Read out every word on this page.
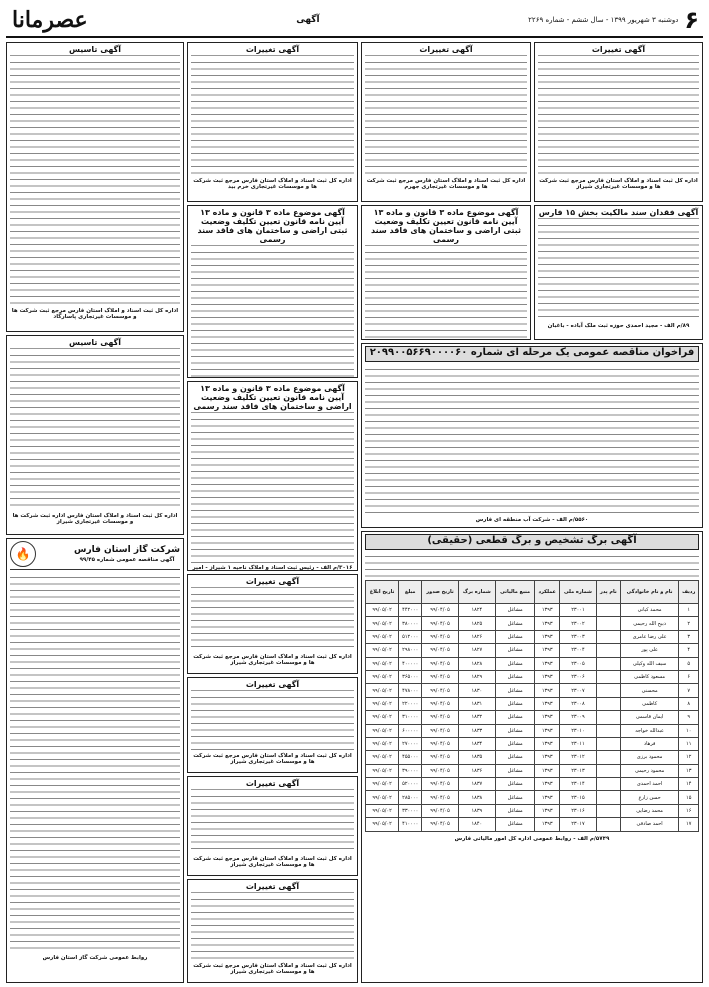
عصرمانا	آگهی	دوشنبه ۳ شهریور ۱۳۹۹ - سال ششم - شماره ۲۲۶۹ ۶
آگهی تغییرات
اداره کل ثبت اسناد و املاک استان فارس مرجع ثبت شرکت ها و موسسات غیرتجاری شیراز
آگهی تغییرات
اداره کل ثبت اسناد و املاک استان فارس مرجع ثبت شرکت ها و موسسات غیرتجاری جهرم
آگهی تغییرات
اداره کل ثبت اسناد و املاک استان فارس مرجع ثبت شرکت ها و موسسات غیرتجاری خرم بید
آگهی تاسیس
اداره کل ثبت اسناد و املاک استان فارس مرجع ثبت شرکت ها و موسسات غیرتجاری پاسارگاد
آگهی فقدان سند مالکیت بخش ۱۵ فارس
۸۹/م الف - مجید احمدی حوزه ثبت ملک آباده - باغبان
آگهی موضوع ماده ۳ قانون و ماده ۱۳ آیین نامه قانون تعیین تکلیف وضعیت ثبتی اراضی و ساختمان های فاقد سند رسمی
آگهی موضوع ماده ۳ قانون و ماده ۱۳ آیین نامه قانون تعیین تکلیف وضعیت ثبتی اراضی و ساختمان های فاقد سند رسمی
فراخوان مناقصه عمومی یک مرحله ای شماره ۲۰۹۹۰۰۵۶۶۹۰۰۰۰۶۰
۵۵۶۰/م الف - شرکت آب منطقه ای فارس
آگهی تاسیس
اداره کل ثبت اسناد و املاک استان فارس اداره ثبت شرکت ها و موسسات غیرتجاری شیراز
آگهی موضوع ماده ۳ قانون و ماده ۱۳ آیین نامه قانون تعیین تکلیف وضعیت اراضی و ساختمان های فاقد سند رسمی
۳۰۱۶/م الف - رئیس ثبت اسناد و املاک ناحیه ۱ شیراز - امیر
شرکت گاز استان فارس
آگهی مناقصه عمومی شماره ۹۹/۴۵
🔥
روابط عمومی شرکت گاز استان فارس
آگهی تغییرات
اداره کل ثبت اسناد و املاک استان فارس مرجع ثبت شرکت ها و موسسات غیرتجاری شیراز
آگهی تغییرات
اداره کل ثبت اسناد و املاک استان فارس مرجع ثبت شرکت ها و موسسات غیرتجاری شیراز
آگهی تغییرات
اداره کل ثبت اسناد و املاک استان فارس مرجع ثبت شرکت ها و موسسات غیرتجاری شیراز
آگهی تغییرات
اداره کل ثبت اسناد و املاک استان فارس مرجع ثبت شرکت ها و موسسات غیرتجاری شیراز
آگهی برگ تشخیص و برگ قطعی (حقیقی)
ردیف	نام و نام خانوادگی	نام پدر	شماره ملی	عملکرد	منبع مالیاتی	شماره برگ	تاریخ صدور	مبلغ	تاریخ ابلاغ
۱	محمد کیانی		۲۳۰۰۱	۱۳۹۳	مشاغل	۱۸۲۴	۹۹/۰۴/۰۵	۴۴۲۰۰۰	۹۹/۰۵/۰۲
۲	ذبیح الله رحیمی		۲۳۰۰۲	۱۳۹۳	مشاغل	۱۸۲۵	۹۹/۰۴/۰۵	۳۸۰۰۰۰	۹۹/۰۵/۰۲
۳	علی رضا عامری		۲۳۰۰۳	۱۳۹۳	مشاغل	۱۸۲۶	۹۹/۰۴/۰۵	۵۱۲۰۰۰	۹۹/۰۵/۰۲
۴	علی پور		۲۳۰۰۴	۱۳۹۳	مشاغل	۱۸۲۷	۹۹/۰۴/۰۵	۲۹۸۰۰۰	۹۹/۰۵/۰۲
۵	سیف الله وکیلی		۲۳۰۰۵	۱۳۹۳	مشاغل	۱۸۲۸	۹۹/۰۴/۰۵	۴۰۰۰۰۰	۹۹/۰۵/۰۲
۶	مسعود کاظمی		۲۳۰۰۶	۱۳۹۳	مشاغل	۱۸۲۹	۹۹/۰۴/۰۵	۳۶۵۰۰۰	۹۹/۰۵/۰۲
۷	محسنی		۲۳۰۰۷	۱۳۹۳	مشاغل	۱۸۳۰	۹۹/۰۴/۰۵	۴۷۸۰۰۰	۹۹/۰۵/۰۲
۸	کاظمی		۲۳۰۰۸	۱۳۹۳	مشاغل	۱۸۳۱	۹۹/۰۴/۰۵	۲۲۰۰۰۰	۹۹/۰۵/۰۲
۹	ایمان قاسمی		۲۳۰۰۹	۱۳۹۳	مشاغل	۱۸۳۲	۹۹/۰۴/۰۵	۳۱۰۰۰۰	۹۹/۰۵/۰۲
۱۰	عبدالله خواجه		۲۳۰۱۰	۱۳۹۳	مشاغل	۱۸۳۳	۹۹/۰۴/۰۵	۶۰۰۰۰۰	۹۹/۰۵/۰۲
۱۱	فرهاد		۲۳۰۱۱	۱۳۹۳	مشاغل	۱۸۳۴	۹۹/۰۴/۰۵	۲۷۰۰۰۰	۹۹/۰۵/۰۲
۱۲	محمود برزی		۲۳۰۱۲	۱۳۹۳	مشاغل	۱۸۳۵	۹۹/۰۴/۰۵	۴۵۵۰۰۰	۹۹/۰۵/۰۲
۱۳	محمود رحیمی		۲۳۰۱۳	۱۳۹۳	مشاغل	۱۸۳۶	۹۹/۰۴/۰۵	۳۹۰۰۰۰	۹۹/۰۵/۰۲
۱۴	احمد احمدی		۲۳۰۱۴	۱۳۹۳	مشاغل	۱۸۳۷	۹۹/۰۴/۰۵	۵۲۰۰۰۰	۹۹/۰۵/۰۲
۱۵	حسن زارع		۲۳۰۱۵	۱۳۹۳	مشاغل	۱۸۳۸	۹۹/۰۴/۰۵	۲۸۵۰۰۰	۹۹/۰۵/۰۲
۱۶	محمد رضایی		۲۳۰۱۶	۱۳۹۳	مشاغل	۱۸۳۹	۹۹/۰۴/۰۵	۳۳۰۰۰۰	۹۹/۰۵/۰۲
۱۷	احمد صادقی		۲۳۰۱۷	۱۳۹۳	مشاغل	۱۸۴۰	۹۹/۰۴/۰۵	۴۱۰۰۰۰	۹۹/۰۵/۰۲
۵۷۴۹/م الف - روابط عمومی اداره کل امور مالیاتی فارس
